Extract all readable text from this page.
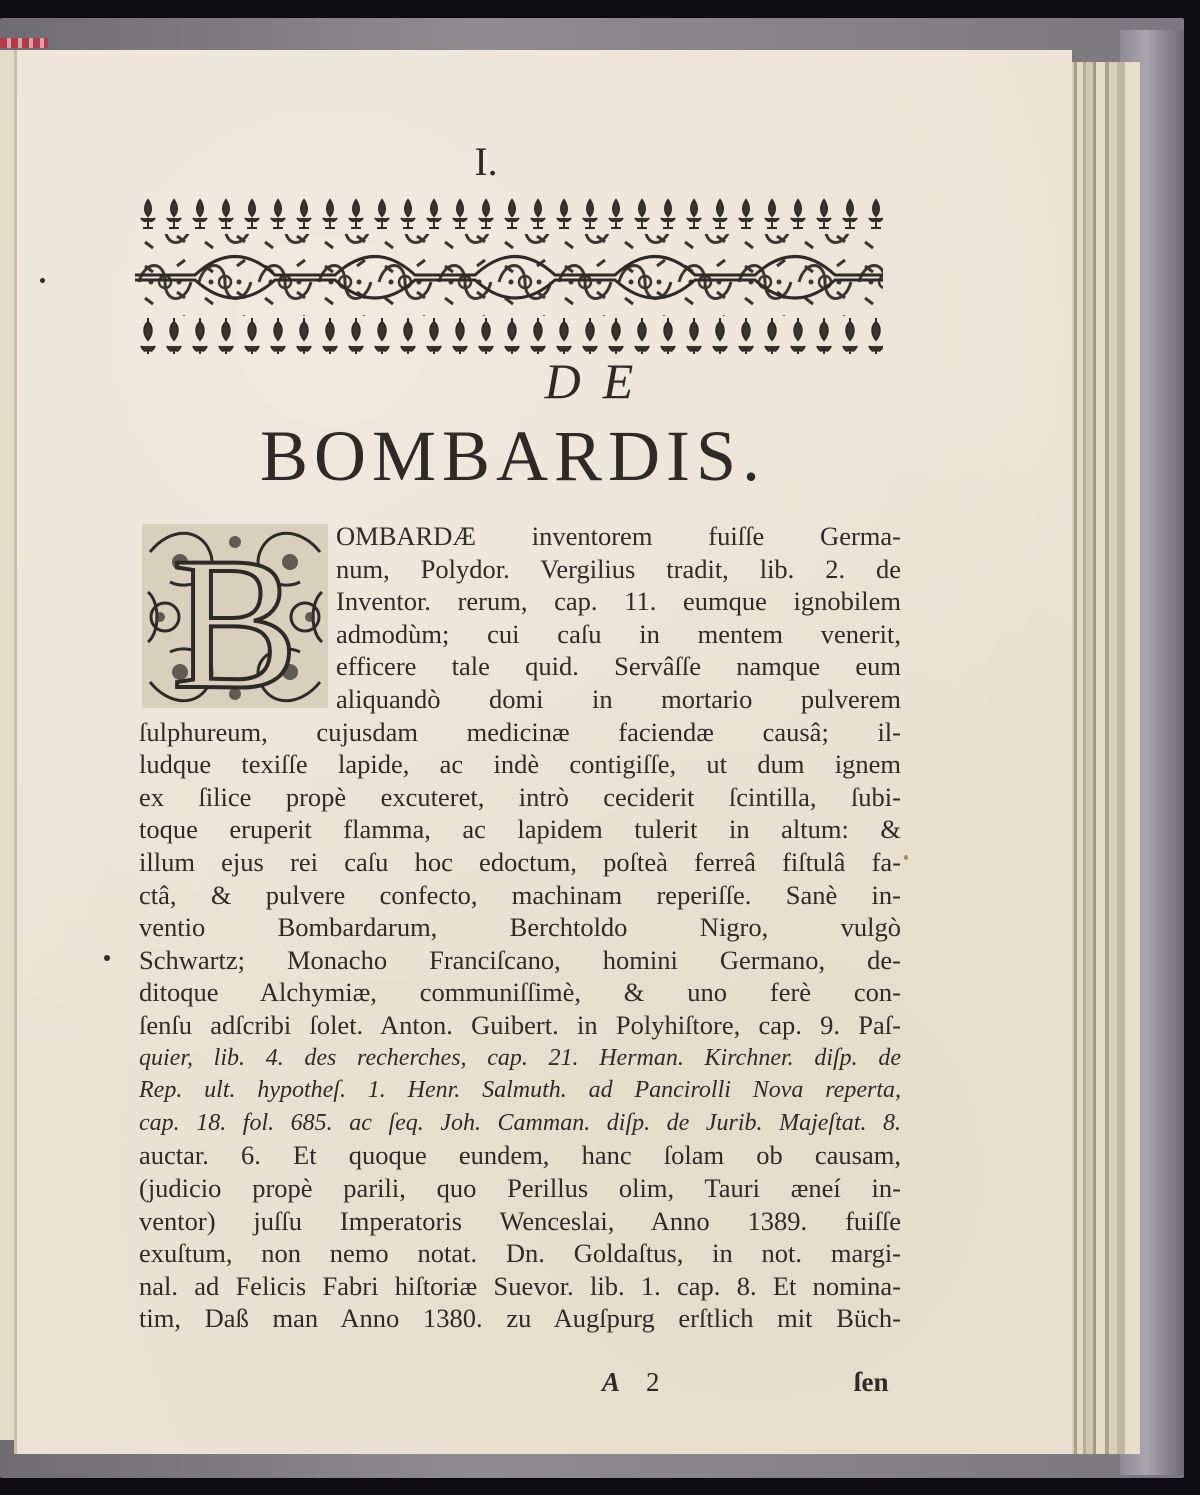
I.
DE
BOMBARDIS.
B OMBARDÆ inventorem fuiſſe Germa-
num, Polydor. Vergilius tradit, lib. 2. de
Inventor. rerum, cap. 11. eumque ignobilem
admodùm; cui caſu in mentem venerit,
efficere tale quid. Servâſſe namque eum
aliquandò domi in mortario pulverem
ſulphureum, cujusdam medicinæ faciendæ causâ; il-
ludque texiſſe lapide, ac indè contigiſſe, ut dum ignem
ex ſilice propè excuteret, intrò ceciderit ſcintilla, ſubi-
toque eruperit flamma, ac lapidem tulerit in altum: &
illum ejus rei caſu hoc edoctum, poſteà ferreâ fiſtulâ fa-
ctâ, & pulvere confecto, machinam reperiſſe. Sanè in-
ventio Bombardarum, Berchtoldo Nigro, vulgò
Schwartz; Monacho Franciſcano, homini Germano, de-
ditoque Alchymiæ, communiſſimè, & uno ferè con-
ſenſu adſcribi ſolet. Anton. Guibert. in Polyhiſtore, cap. 9. Paſ-
quier, lib. 4. des recherches, cap. 21. Herman. Kirchner. diſp. de
Rep. ult. hypotheſ. 1. Henr. Salmuth. ad Pancirolli Nova reperta,
cap. 18. fol. 685. ac ſeq. Joh. Camman. diſp. de Jurib. Majeſtat. 8.
auctar. 6. Et quoque eundem, hanc ſolam ob causam,
(judicio propè parili, quo Perillus olim, Tauri æneí in-
ventor) juſſu Imperatoris Wenceslai, Anno 1389. fuiſſe
exuſtum, non nemo notat. Dn. Goldaſtus, in not. margi-
nal. ad Felicis Fabri hiſtoriæ Suevor. lib. 1. cap. 8. Et nomina-
tim, Daß man Anno 1380. zu Augſpurg erſtlich mit Büch-
A 2	ſen
